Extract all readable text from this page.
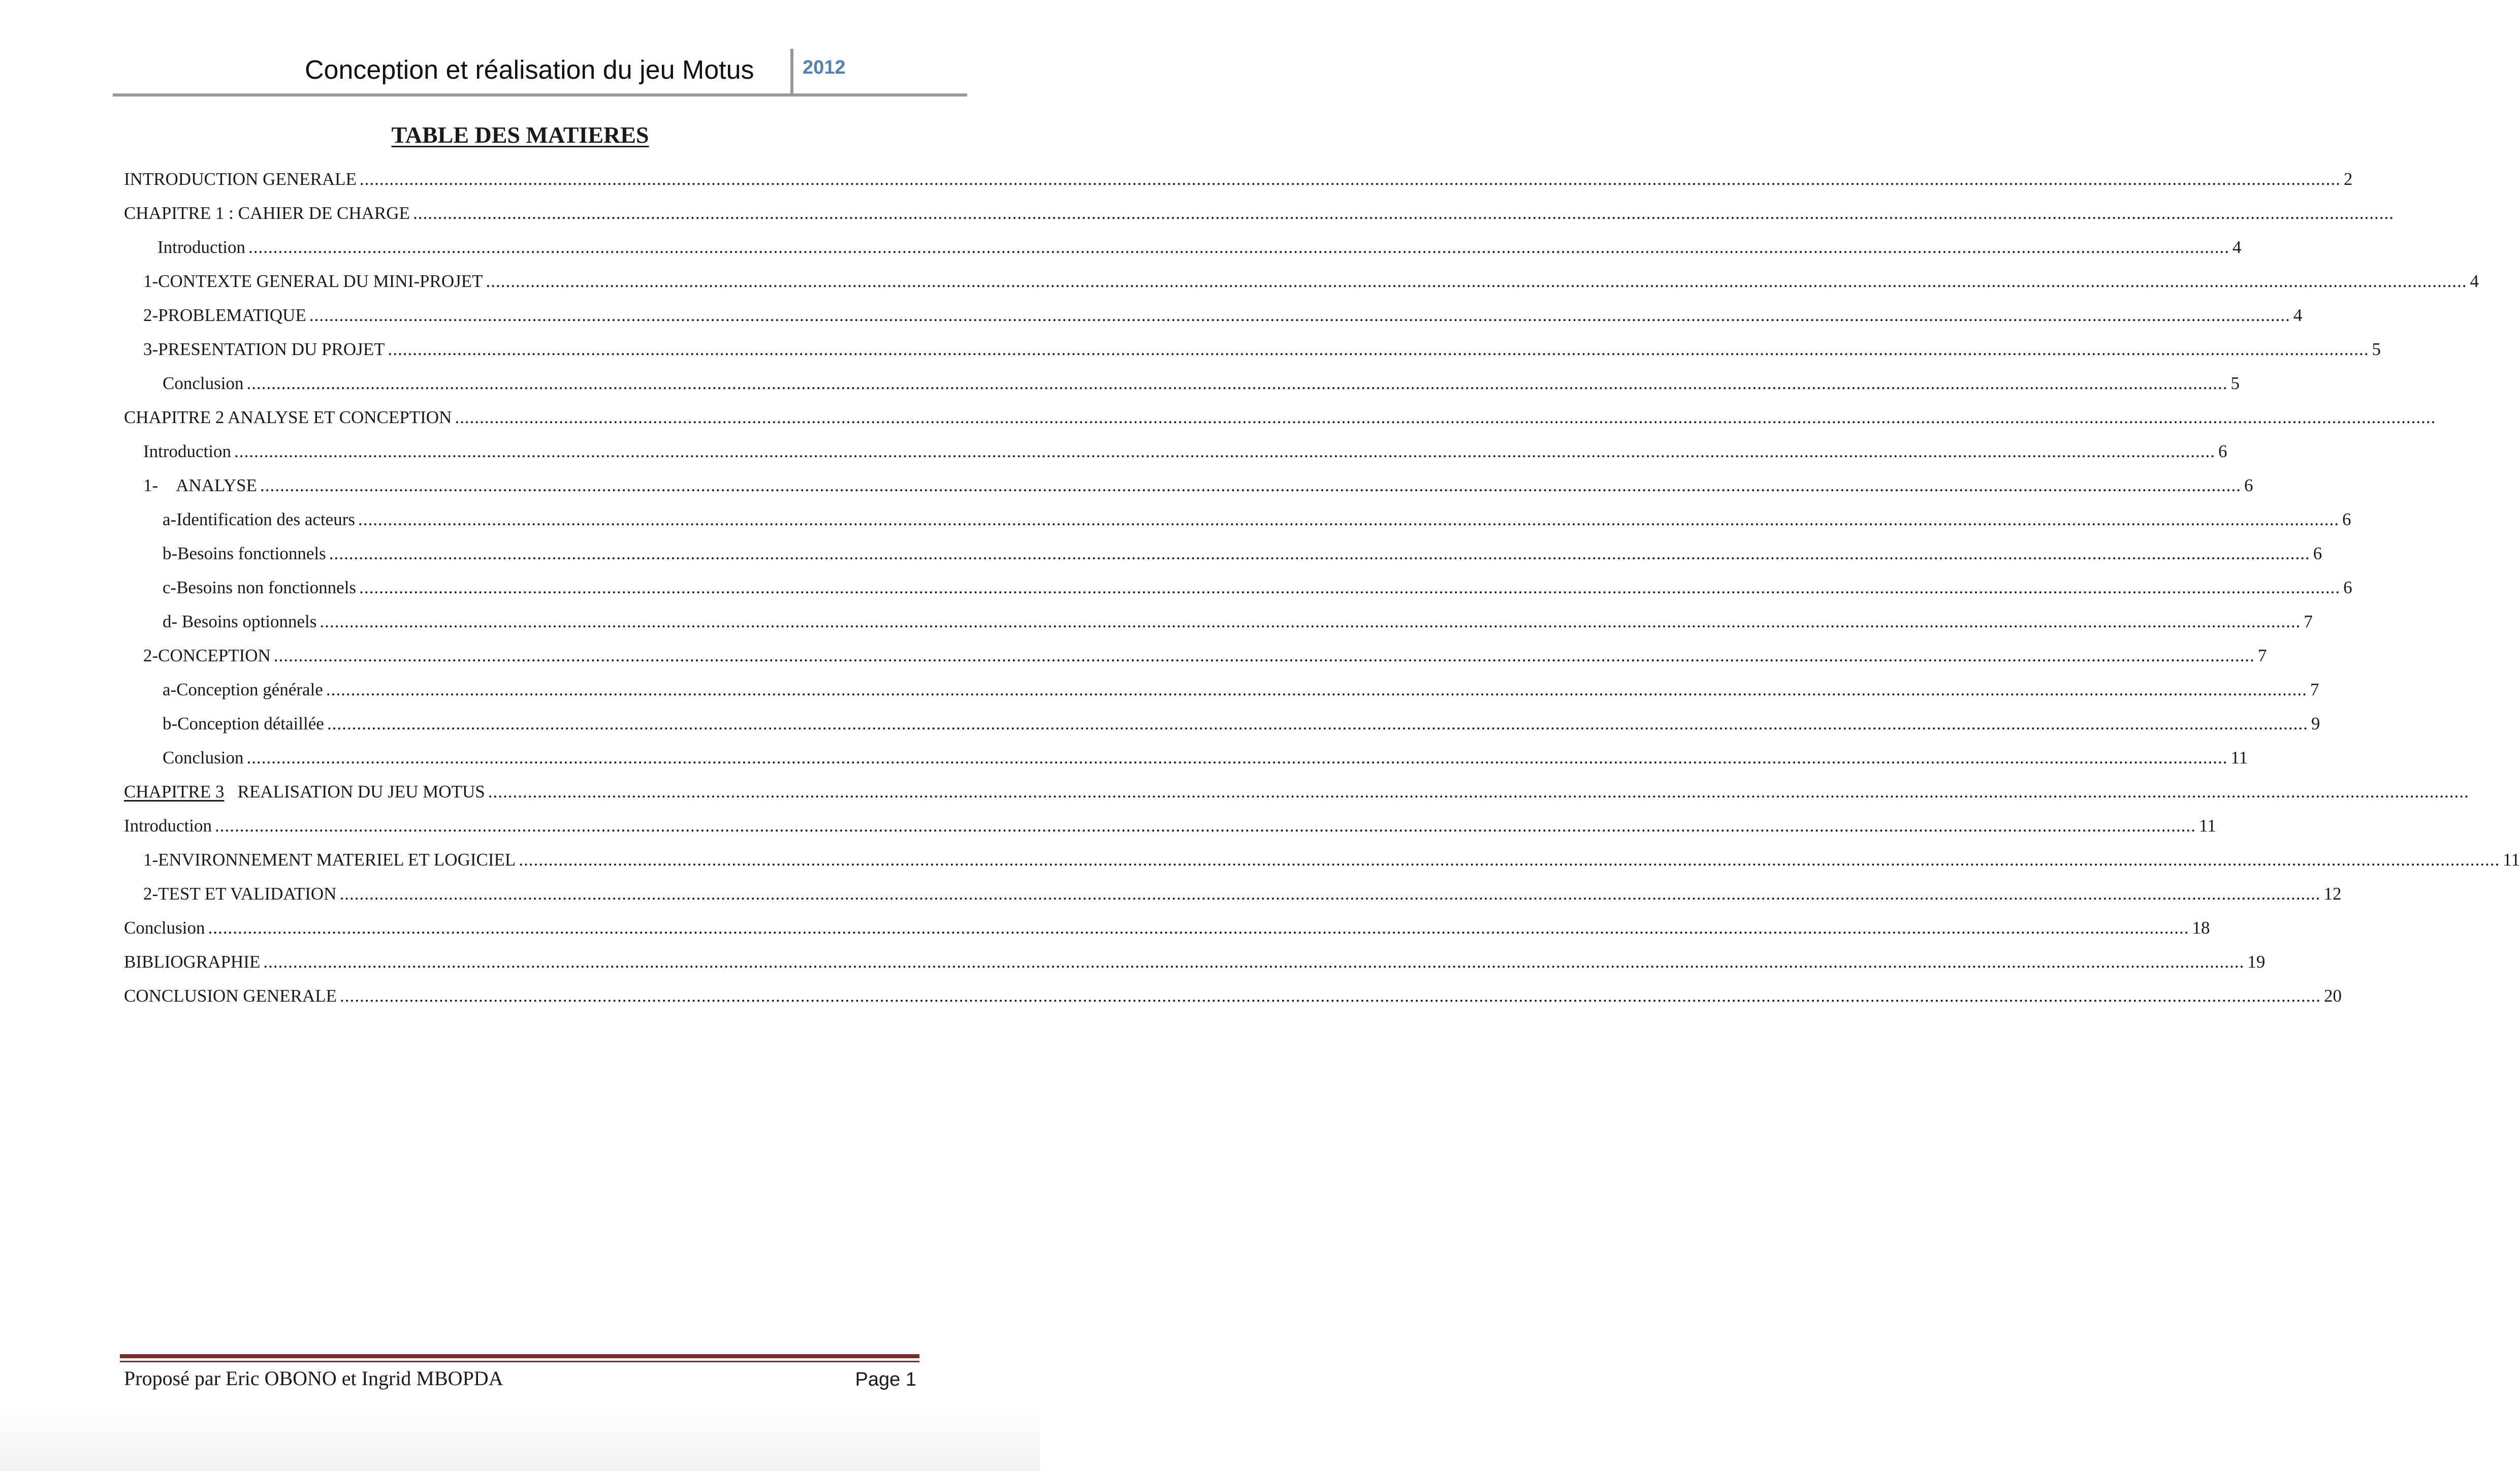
Conception et réalisation du jeu Motus	2012
TABLE DES MATIERES
INTRODUCTION GENERALE ................................................................................................................................................................................................................................................................................................................................................................................................................ 2
CHAPITRE 1 : CAHIER DE CHARGE ................................................................................................................................................................................................................................................................................................................................................................................................................
Introduction ................................................................................................................................................................................................................................................................................................................................................................................................................ 4
1-CONTEXTE GENERAL DU MINI-PROJET ................................................................................................................................................................................................................................................................................................................................................................................................................ 4
2-PROBLEMATIQUE ................................................................................................................................................................................................................................................................................................................................................................................................................ 4
3-PRESENTATION DU PROJET ................................................................................................................................................................................................................................................................................................................................................................................................................ 5
Conclusion ................................................................................................................................................................................................................................................................................................................................................................................................................ 5
CHAPITRE 2 ANALYSE ET CONCEPTION ................................................................................................................................................................................................................................................................................................................................................................................................................
Introduction ................................................................................................................................................................................................................................................................................................................................................................................................................ 6
1-    ANALYSE ................................................................................................................................................................................................................................................................................................................................................................................................................ 6
a-Identification des acteurs ................................................................................................................................................................................................................................................................................................................................................................................................................ 6
b-Besoins fonctionnels ................................................................................................................................................................................................................................................................................................................................................................................................................ 6
c-Besoins non fonctionnels ................................................................................................................................................................................................................................................................................................................................................................................................................ 6
d- Besoins optionnels ................................................................................................................................................................................................................................................................................................................................................................................................................ 7
2-CONCEPTION ................................................................................................................................................................................................................................................................................................................................................................................................................ 7
a-Conception générale ................................................................................................................................................................................................................................................................................................................................................................................................................ 7
b-Conception détaillée ................................................................................................................................................................................................................................................................................................................................................................................................................ 9
Conclusion ................................................................................................................................................................................................................................................................................................................................................................................................................ 11
CHAPITRE 3   REALISATION DU JEU MOTUS ................................................................................................................................................................................................................................................................................................................................................................................................................
Introduction ................................................................................................................................................................................................................................................................................................................................................................................................................ 11
1-ENVIRONNEMENT MATERIEL ET LOGICIEL ................................................................................................................................................................................................................................................................................................................................................................................................................ 11
2-TEST ET VALIDATION ................................................................................................................................................................................................................................................................................................................................................................................................................ 12
Conclusion ................................................................................................................................................................................................................................................................................................................................................................................................................ 18
BIBLIOGRAPHIE ................................................................................................................................................................................................................................................................................................................................................................................................................ 19
CONCLUSION GENERALE ................................................................................................................................................................................................................................................................................................................................................................................................................ 20
Proposé par Eric OBONO et Ingrid MBOPDA	Page 1
